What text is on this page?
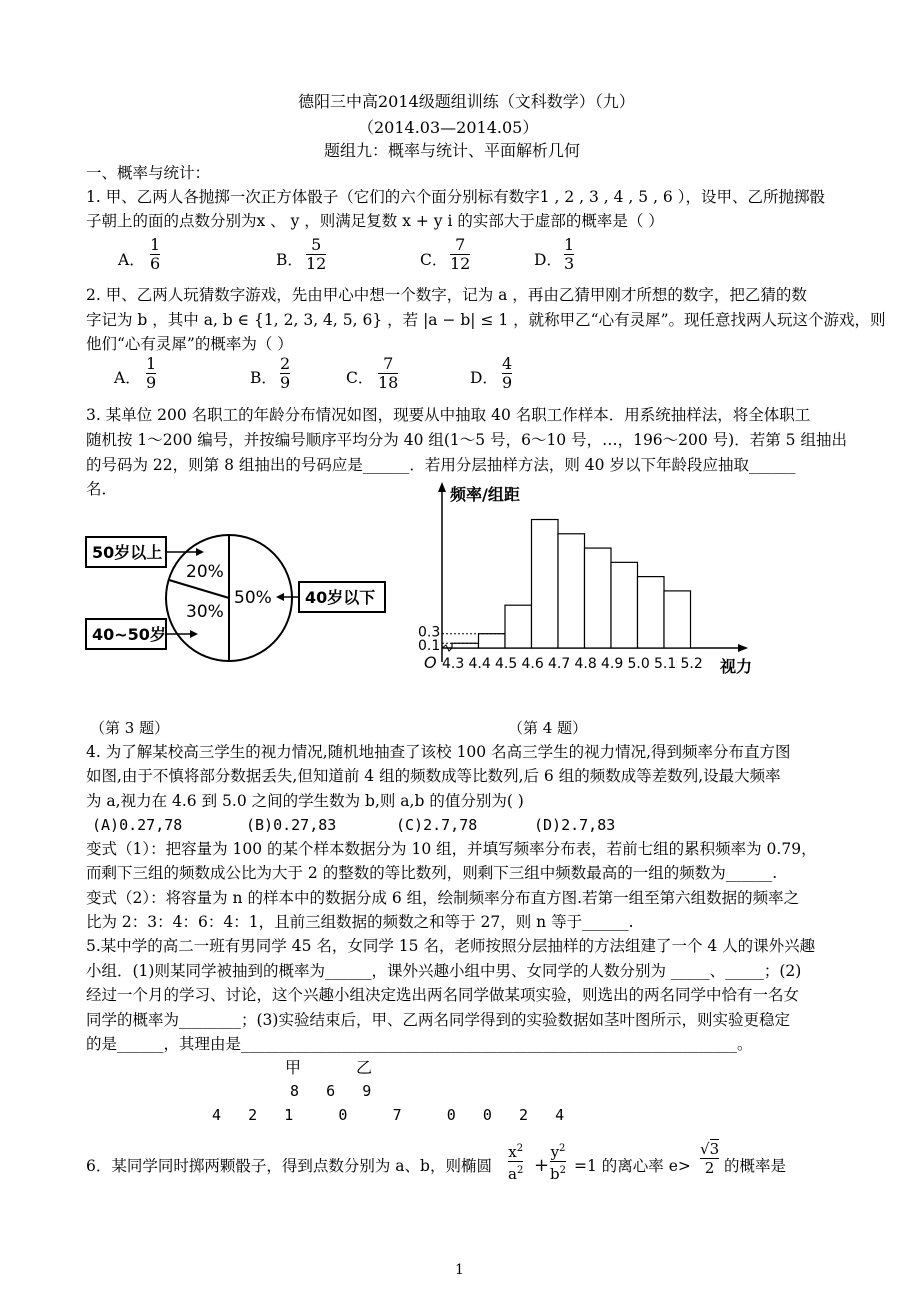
德阳三中高2014级题组训练（文科数学）（九）
（2014.03—2014.05）
题组九：概率与统计、平面解析几何
一、概率与统计：
1. 甲、乙两人各抛掷一次正方体骰子（它们的六个面分别标有数字1 , 2 , 3 , 4 , 5 , 6 ），设甲、乙所抛掷骰
子朝上的面的点数分别为x 、 y ，则满足复数 x + y i 的实部大于虚部的概率是（ ）
A．
1
6	B．
5
12	C．
7
12	D．
1
3
2. 甲、乙两人玩猜数字游戏，先由甲心中想一个数字，记为 a ，再由乙猜甲刚才所想的数字，把乙猜的数
字记为 b ，其中 a, b ∈ {1, 2, 3, 4, 5, 6} ，若 |a − b| ≤ 1 ，就称甲乙“心有灵犀”。现任意找两人玩这个游戏，则
他们“心有灵犀”的概率为（ ）
A．
1
9	B．
2
9	C．
7
18	D．
4
9
3. 某单位 200 名职工的年龄分布情况如图，现要从中抽取 40 名职工作样本．用系统抽样法，将全体职工
随机按 1～200 编号，并按编号顺序平均分为 40 组(1～5 号，6～10 号，…，196～200 号)．若第 5 组抽出
的号码为 22，则第 8 组抽出的号码应是______．若用分层抽样方法，则 40 岁以下年龄段应抽取______
名．
20%
30%
50%
50岁以上
40~50岁
40岁以下
频率/组距
视力
O 4.3 4.4 4.5 4.6 4.7 4.8 4.9 5.0 5.1 5.2
0.3
0.1
（第 3 题）	（第 4 题）
4. 为了解某校高三学生的视力情况,随机地抽查了该校 100 名高三学生的视力情况,得到频率分布直方图
如图,由于不慎将部分数据丢失,但知道前 4 组的频数成等比数列,后 6 组的频数成等差数列,设最大频率
为 a,视力在 4.6 到 5.0 之间的学生数为 b,则 a,b 的值分别为( )
(A)0.27,78	(B)0.27,83	(C)2.7,78	(D)2.7,83
变式（1）：把容量为 100 的某个样本数据分为 10 组，并填写频率分布表，若前七组的累积频率为 0.79，
而剩下三组的频数成公比为大于 2 的整数的等比数列，则剩下三组中频数最高的一组的频数为______.
变式（2）：将容量为 n 的样本中的数据分成 6 组，绘制频率分布直方图.若第一组至第六组数据的频率之
比为 2：3：4：6：4：1，且前三组数据的频数之和等于 27，则 n 等于______.
5.某中学的高二一班有男同学 45 名，女同学 15 名，老师按照分层抽样的方法组建了一个 4 人的课外兴趣
小组．(1)则某同学被抽到的概率为______，课外兴趣小组中男、女同学的人数分别为 _____、_____；(2)
经过一个月的学习、讨论，这个兴趣小组决定选出两名同学做某项实验，则选出的两名同学中恰有一名女
同学的概率为________；(3)实验结束后，甲、乙两名同学得到的实验数据如茎叶图所示，则实验更稳定
的是______，其理由是________________________________________________________________。
甲	乙
8   6   9
4   2   1     0     7     0   0   2   4
6．某同学同时掷两颗骰子，得到点数分别为 a、b，则椭圆
$x^2$
$a^2$ +
$y^2$
$b^2 =1$ 的离心率 e>
√3
2 的概率是
1
